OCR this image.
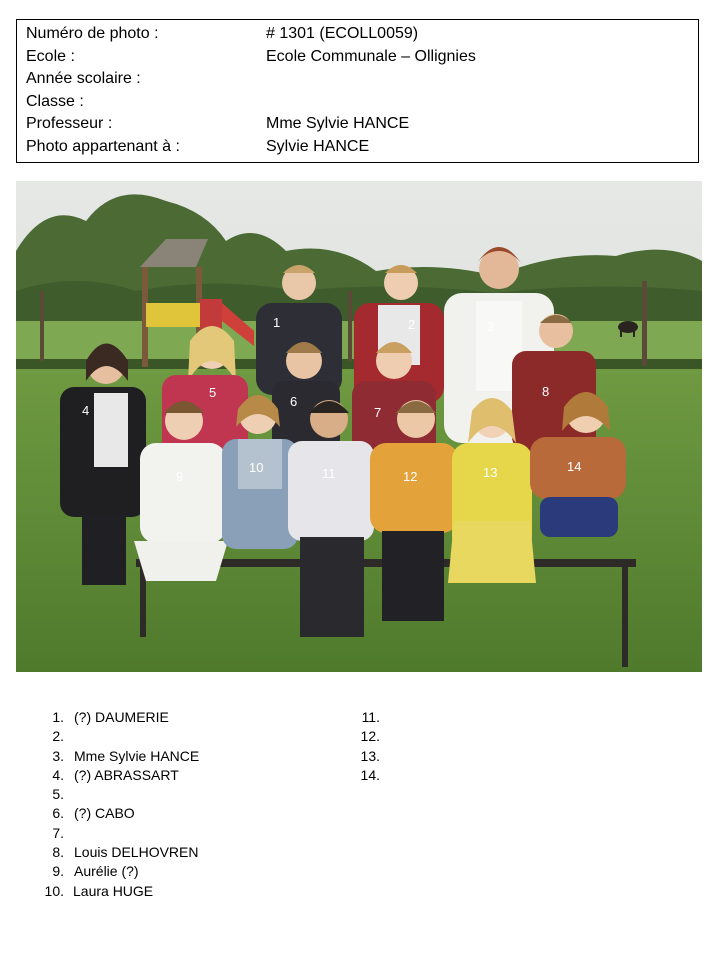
Numéro de photo :	# 1301 (ECOLL0059)
Ecole :	Ecole Communale – Ollignies
Année scolaire :
Classe :
Professeur :	Mme Sylvie HANCE
Photo appartenant à :	Sylvie HANCE
1	2	3
4
5
6
7
8
9
10	11	12	13	14
1. (?) DAUMERIE
2.
3. Mme Sylvie HANCE
4. (?) ABRASSART
5.
6. (?) CABO
7.
8. Louis DELHOVREN
9. Aurélie (?)
10. Laura HUGE
11.
12.
13.
14.
